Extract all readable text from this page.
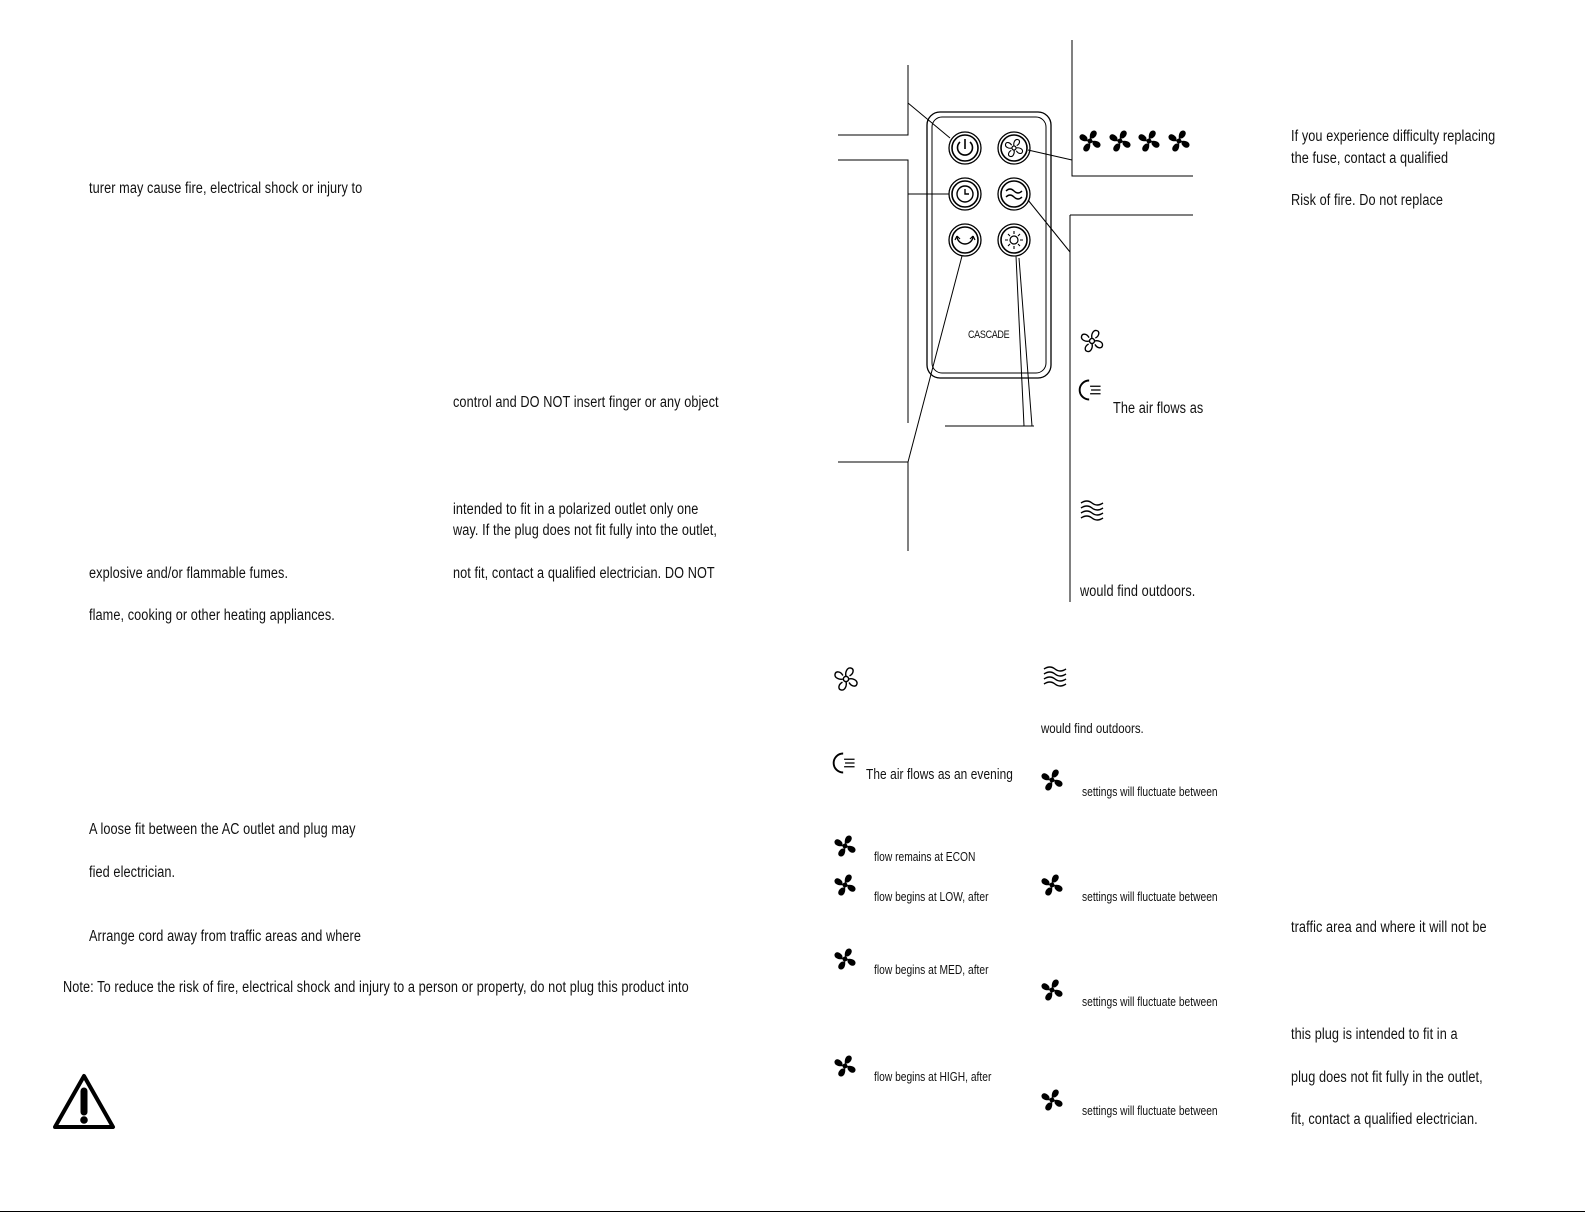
turer may cause fire, electrical shock or injury to
explosive and/or flammable fumes.
flame, cooking or other heating appliances.
A loose fit between the AC outlet and plug may
fied electrician.
Arrange cord away from traffic areas and where
Note: To reduce the risk of fire, electrical shock and injury to a person or property, do not plug this product into
control and DO NOT insert finger or any object
intended to fit in a polarized outlet only one
way. If the plug does not fit fully into the outlet,
not fit, contact a qualified electrician. DO NOT
CASCADE
The air flows as
would find outdoors.
The air flows as an evening
flow remains at ECON
flow begins at LOW, after
flow begins at MED, after
flow begins at HIGH, after
would find outdoors.
settings will fluctuate between
settings will fluctuate between
settings will fluctuate between
settings will fluctuate between
If you experience difficulty replacing
the fuse, contact a qualified
Risk of fire. Do not replace
traffic area and where it will not be
this plug is intended to fit in a
plug does not fit fully in the outlet,
fit, contact a qualified electrician.
